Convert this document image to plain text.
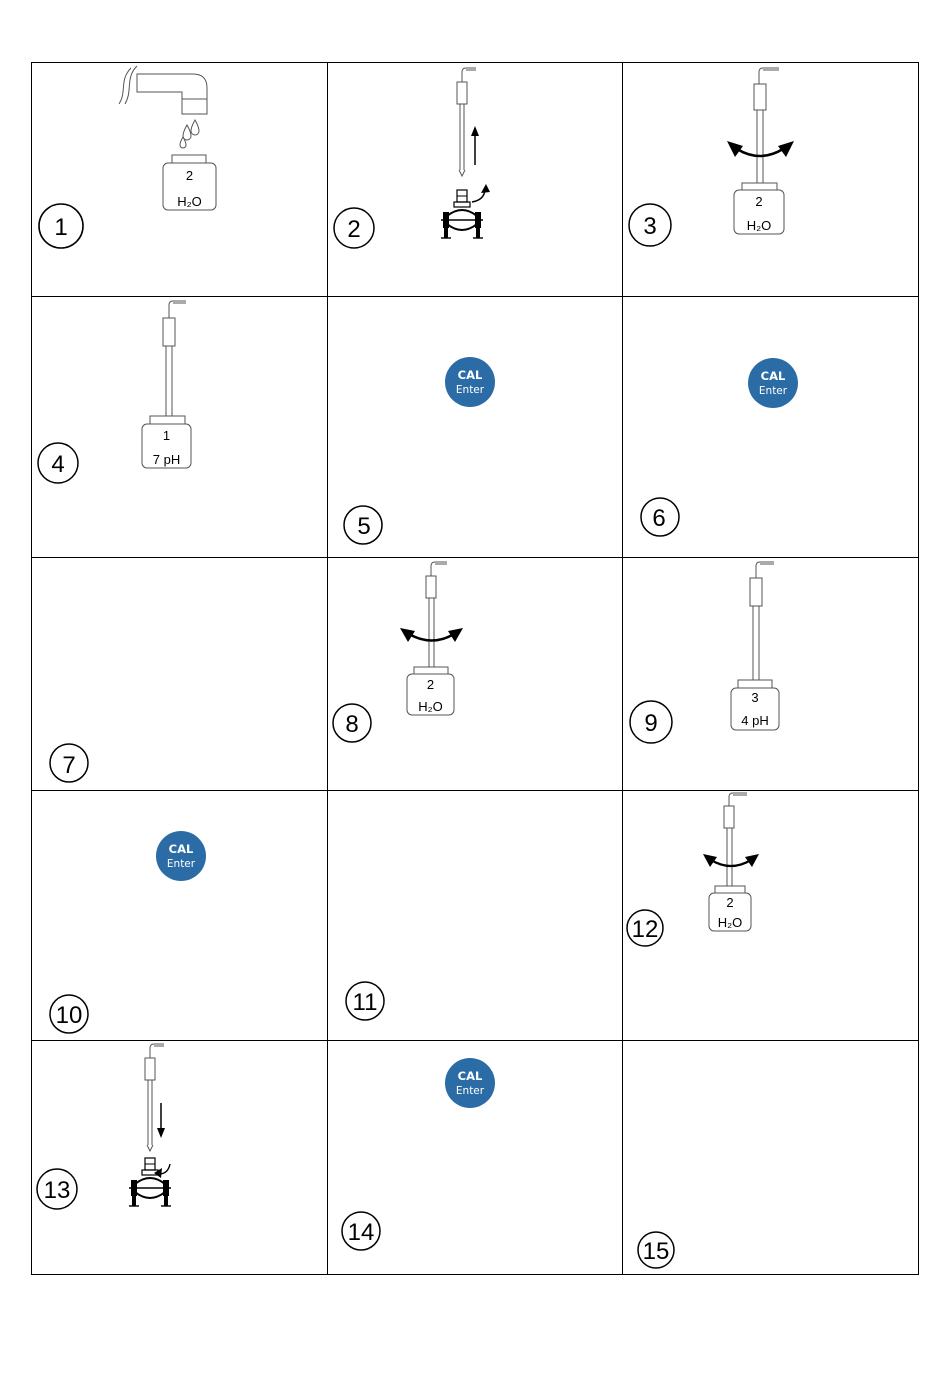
2
H₂O
1	2
2
H₂O
3
1
7 pH
4
CAL
Enter
5
CAL
Enter
6
7
2
H₂O
8
3
4 pH
9
CAL
Enter
10	11
2
H₂O
12
13
CAL
Enter
14
15
